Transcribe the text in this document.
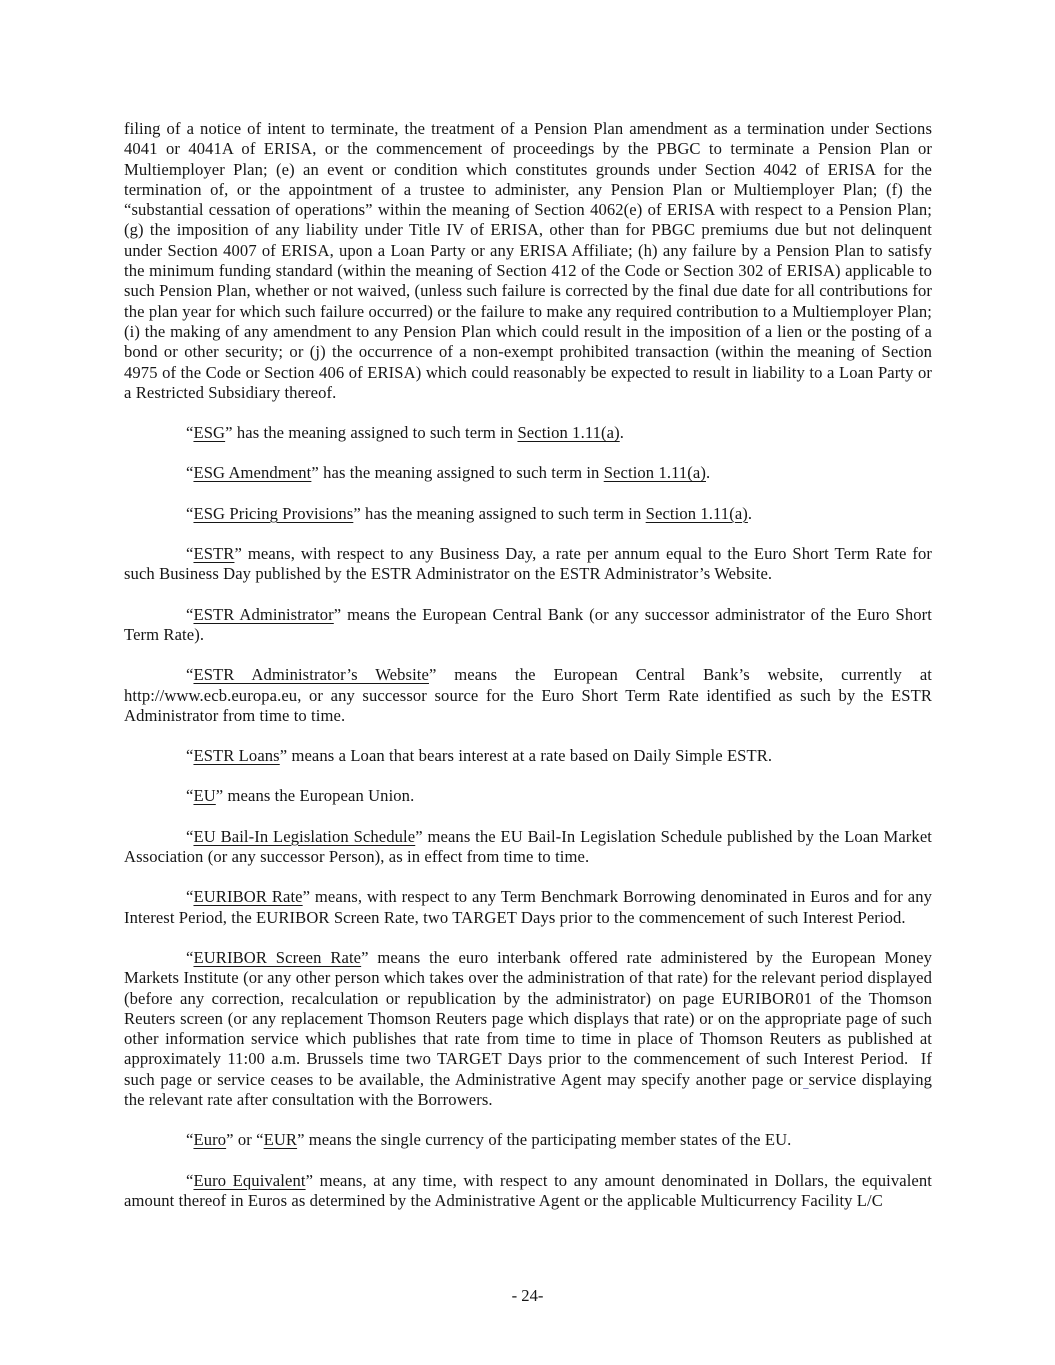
filing of a notice of intent to terminate, the treatment of a Pension Plan amendment as a termination under Sections 4041 or 4041A of ERISA, or the commencement of proceedings by the PBGC to terminate a Pension Plan or Multiemployer Plan; (e) an event or condition which constitutes grounds under Section 4042 of ERISA for the termination of, or the appointment of a trustee to administer, any Pension Plan or Multiemployer Plan; (f) the “substantial cessation of operations” within the meaning of Section 4062(e) of ERISA with respect to a Pension Plan; (g) the imposition of any liability under Title IV of ERISA, other than for PBGC premiums due but not delinquent under Section 4007 of ERISA, upon a Loan Party or any ERISA Affiliate; (h) any failure by a Pension Plan to satisfy the minimum funding standard (within the meaning of Section 412 of the Code or Section 302 of ERISA) applicable to such Pension Plan, whether or not waived, (unless such failure is corrected by the final due date for all contributions for the plan year for which such failure occurred) or the failure to make any required contribution to a Multiemployer Plan; (i) the making of any amendment to any Pension Plan which could result in the imposition of a lien or the posting of a bond or other security; or (j) the occurrence of a non-exempt prohibited transaction (within the meaning of Section 4975 of the Code or Section 406 of ERISA) which could reasonably be expected to result in liability to a Loan Party or a Restricted Subsidiary thereof.

“ESG” has the meaning assigned to such term in Section 1.11(a).

“ESG Amendment” has the meaning assigned to such term in Section 1.11(a).

“ESG Pricing Provisions” has the meaning assigned to such term in Section 1.11(a).

“ESTR” means, with respect to any Business Day, a rate per annum equal to the Euro Short Term Rate for such Business Day published by the ESTR Administrator on the ESTR Administrator’s Website.

“ESTR Administrator” means the European Central Bank (or any successor administrator of the Euro Short Term Rate).

“ESTR Administrator’s Website” means the European Central Bank’s website, currently at http://www.ecb.europa.eu, or any successor source for the Euro Short Term Rate identified as such by the ESTR Administrator from time to time.

“ESTR Loans” means a Loan that bears interest at a rate based on Daily Simple ESTR.

“EU” means the European Union.

“EU Bail-In Legislation Schedule” means the EU Bail-In Legislation Schedule published by the Loan Market Association (or any successor Person), as in effect from time to time.

“EURIBOR Rate” means, with respect to any Term Benchmark Borrowing denominated in Euros and for any Interest Period, the EURIBOR Screen Rate, two TARGET Days prior to the commencement of such Interest Period.

“EURIBOR Screen Rate” means the euro interbank offered rate administered by the European Money Markets Institute (or any other person which takes over the administration of that rate) for the relevant period displayed (before any correction, recalculation or republication by the administrator) on page EURIBOR01 of the Thomson Reuters screen (or any replacement Thomson Reuters page which displays that rate) or on the appropriate page of such other information service which publishes that rate from time to time in place of Thomson Reuters as published at approximately 11:00 a.m. Brussels time two TARGET Days prior to the commencement of such Interest Period.  If such page or service ceases to be available, the Administrative Agent may specify another page or service displaying the relevant rate after consultation with the Borrowers.

“Euro” or “EUR” means the single currency of the participating member states of the EU.

“Euro Equivalent” means, at any time, with respect to any amount denominated in Dollars, the equivalent amount thereof in Euros as determined by the Administrative Agent or the applicable Multicurrency Facility L/C

- 24-
